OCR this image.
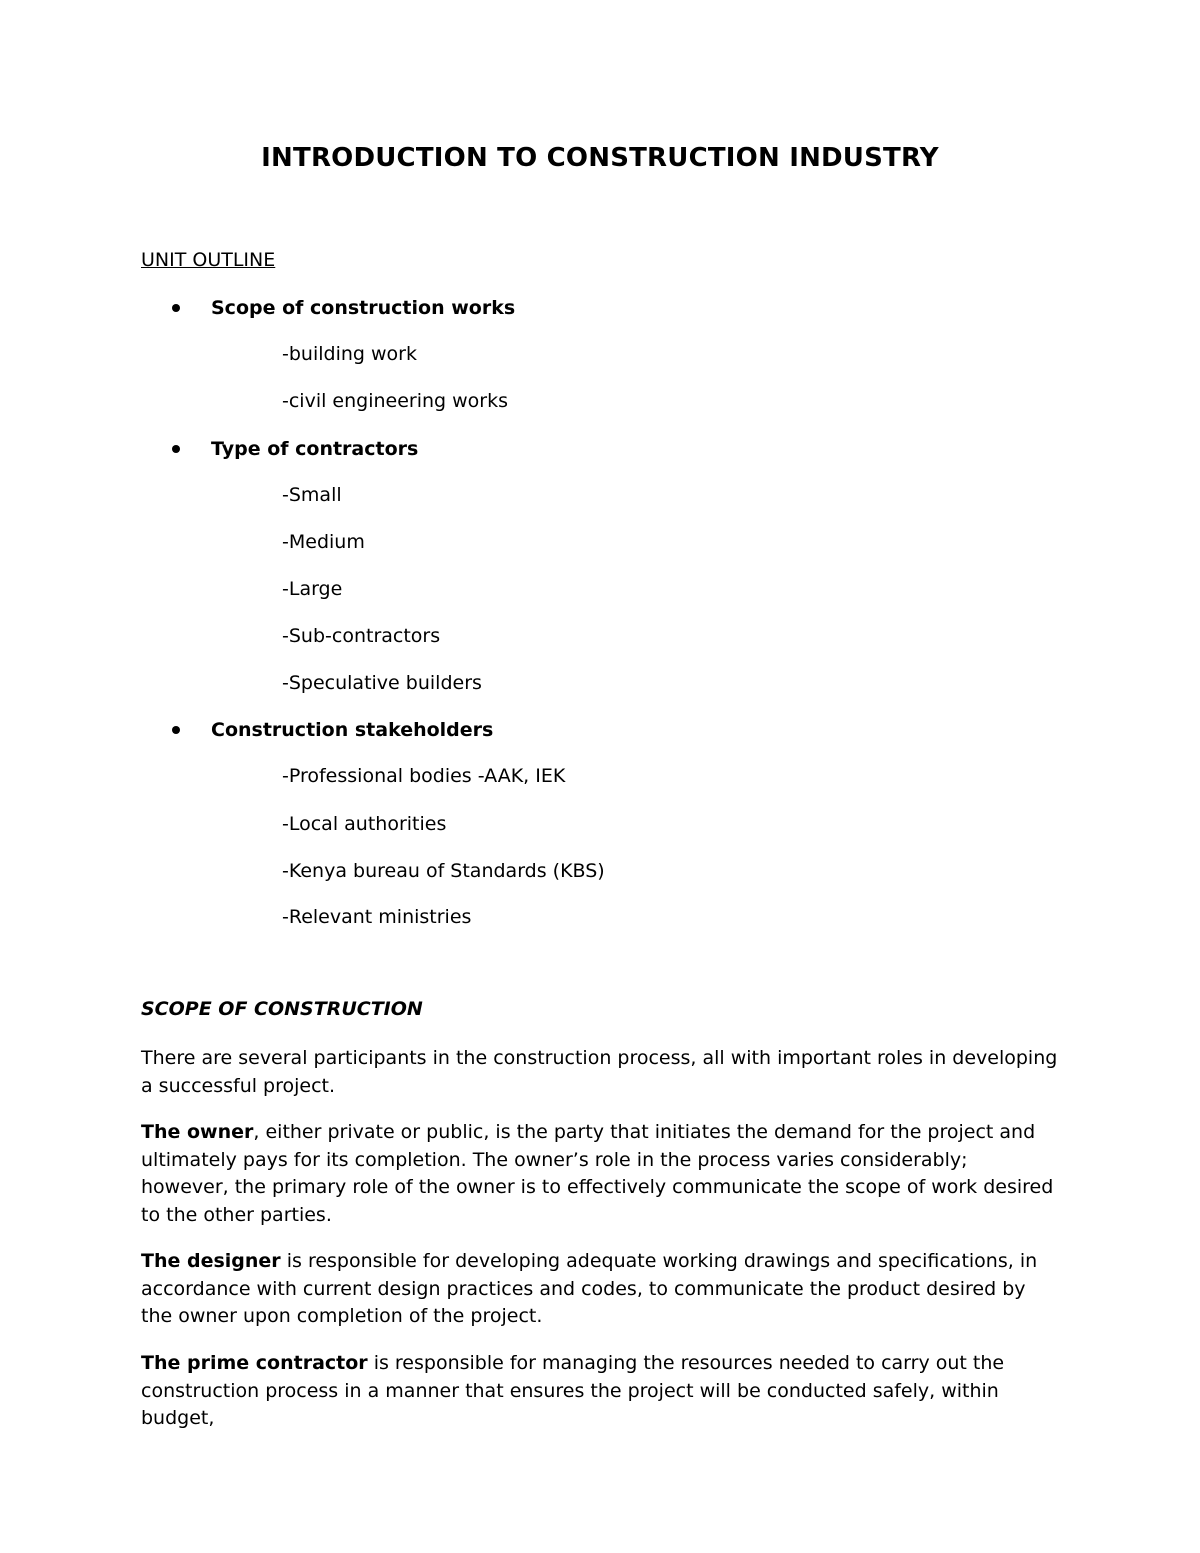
INTRODUCTION TO CONSTRUCTION INDUSTRY

UNIT OUTLINE

Scope of construction works

-building work

-civil engineering works

Type of contractors

-Small

-Medium

-Large

-Sub-contractors

-Speculative builders

Construction stakeholders

-Professional bodies -AAK, IEK

-Local authorities

-Kenya bureau of Standards (KBS)

-Relevant ministries

SCOPE OF CONSTRUCTION

There are several participants in the construction process, all with important roles in developing a successful project.

The owner, either private or public, is the party that initiates the demand for the project and ultimately pays for its completion. The owner’s role in the process varies considerably; however, the primary role of the owner is to effectively communicate the scope of work desired to the other parties.

The designer is responsible for developing adequate working drawings and specifications, in accordance with current design practices and codes, to communicate the product desired by the owner upon completion of the project.

The prime contractor is responsible for managing the resources needed to carry out the construction process in a manner that ensures the project will be conducted safely, within budget,
